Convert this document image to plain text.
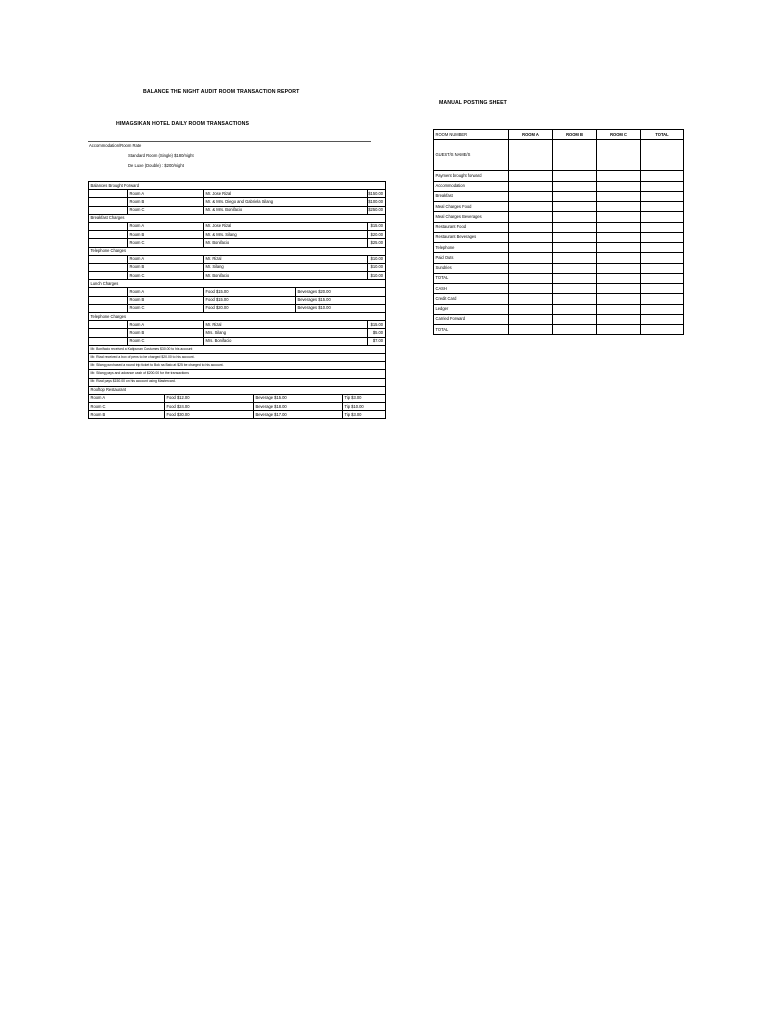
BALANCE THE NIGHT AUDIT ROOM TRANSACTION REPORT
MANUAL POSTING SHEET
HIMAGSIKAN HOTEL DAILY ROOM TRANSACTIONS
Accommodation/Room Rate
Standard Room (Single) $180/night
De Luxe (Double) : $200/night
Balances Brought Forward							
	Room A		Mr. Jose Rizal				$150.00
	Room B		Mr. & Mrs. Diego and Gabriela Silang				$100.00
	Room C		Mr. & Mrs. Bonifacio				$250.00
Breakfast Charges							
	Room A		Mr. Jose Rizal				$15.00
	Room B		Mr. & Mrs. Silang				$20.00
	Room C		Mr. Bonifacio				$25.00
Telephone Charges							
	Room A		Mr. Rizal				$10.00
	Room B		Mr. Silang				$10.00
	Room C		Mr. Bonifacio				$10.00
Lunch Charges							
	Room A		Food $15.00		Beverages $20.00		
	Room B		Food $15.00		Beverages $15.00		
	Room C		Food $20.00		Beverages $10.00		
Telephone Charges							
	Room A		Mr. Rizal				$15.00
	Room B		Mrs. Silang				$5.00
	Room C		Mrs. Bonifacio				$7.00
Mr. Bonifacio received a Katipunan Costumes $30.00 to his account							
Mr. Rizal received a box of pens to be charged $20.00 to his account.							
Mr. Silang purchased a round trip ticket to Bok na Bato at $25 be charged to his account.							
Mr. Silang pays and advance cash of $200.00 for the transactions							
Mr. Rizal pays $150.00 on his account using Mastercard.							
Rooftop Restaurant							
Room A		Food $12.00		Beverage $15.00		Tip $3.00	
Room C		Food $24.00		Beverage $18.00		Tip $10.00	
Room B		Food $30.00		Beverage $17.00		Tip $3.00	
ROOM NUMBER	ROOM A	ROOM B	ROOM C	TOTAL
GUEST/S NAME/S				
Payment brought forward				
Accommodation				
Breakfast				
Meal Charges Food				
Meal Charges Beverages				
Restaurant Food				
Restaurant Beverages				
Telephone				
Paid Outs				
Sundries				
TOTAL				
CASH				
Credit Card				
Ledger				
Carried Forward				
TOTAL				
